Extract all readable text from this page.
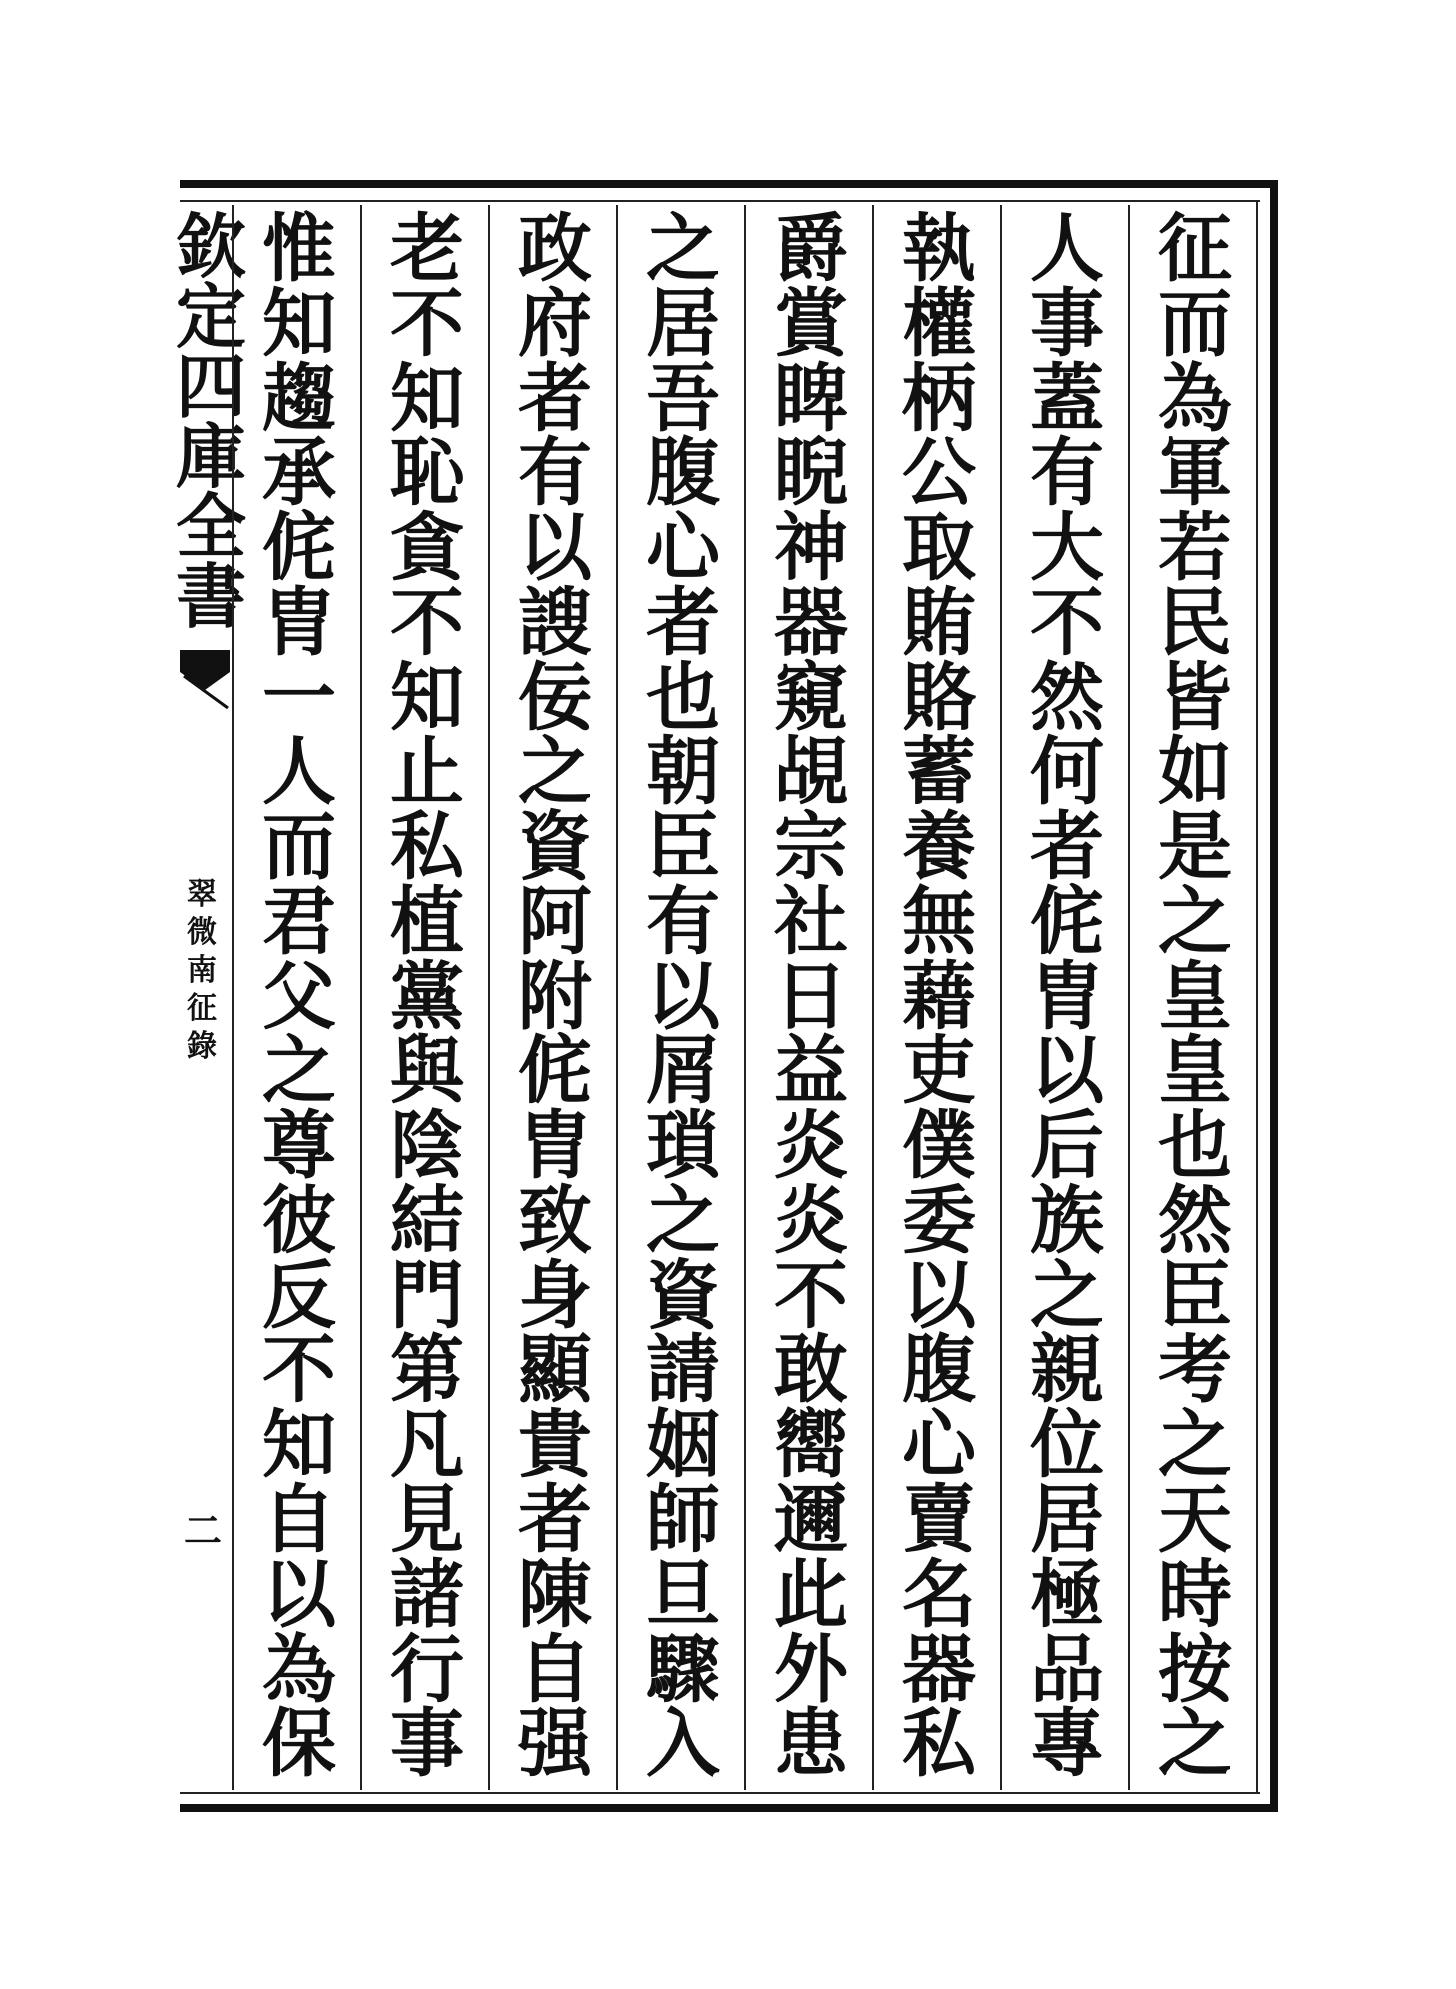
欽
定
四
庫
全
書
翠
微
南
征
錄
二
征
而
為
軍
若
民
皆
如
是
之
皇
皇
也
然
臣
考
之
天
時
按
之
人
事
蓋
有
大
不
然
何
者
侂
胄
以
后
族
之
親
位
居
極
品
專
執
權
柄
公
取
賄
賂
蓄
養
無
藉
吏
僕
委
以
腹
心
賣
名
器
私
爵
賞
睥
睨
神
器
窺
覘
宗
社
日
益
炎
炎
不
敢
嚮
邇
此
外
患
之
居
吾
腹
心
者
也
朝
臣
有
以
屑
瑣
之
資
請
姻
師
旦
驟
入
政
府
者
有
以
謏
佞
之
資
阿
附
侂
胄
致
身
顯
貴
者
陳
自
强
老
不
知
恥
貪
不
知
止
私
植
黨
與
陰
結
門
第
凡
見
諸
行
事
惟
知
趨
承
侂
胄
一
人
而
君
父
之
尊
彼
反
不
知
自
以
為
保
